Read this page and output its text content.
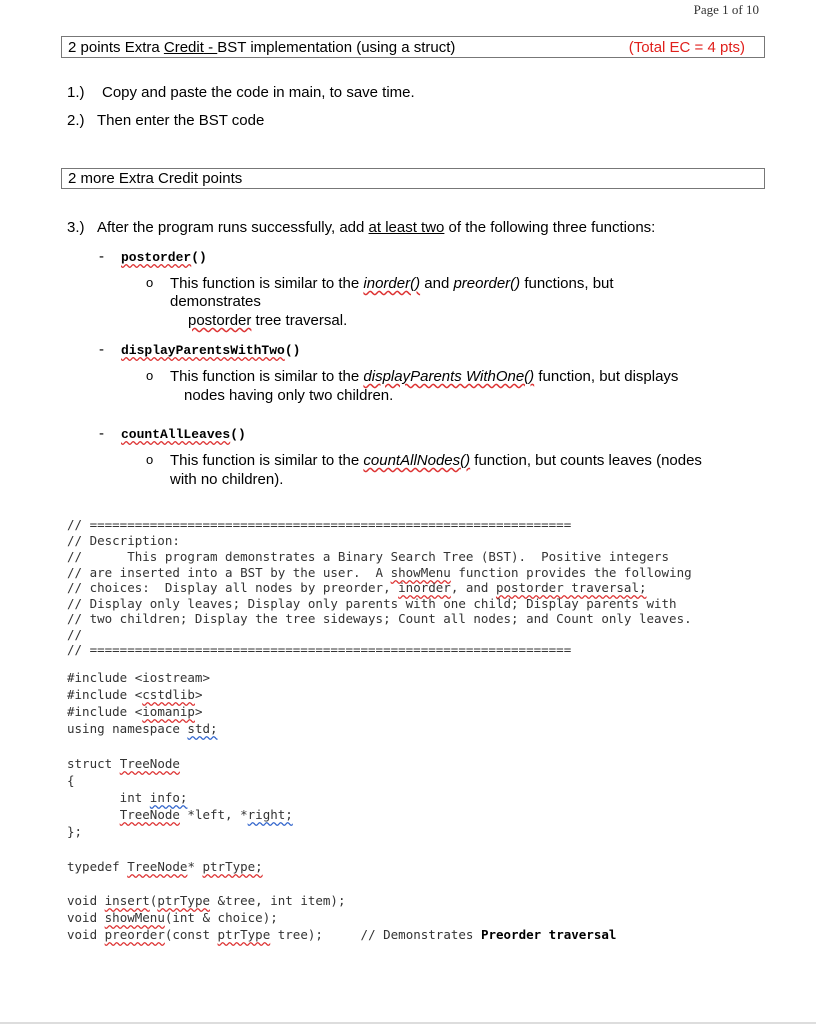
Page 1 of 10
2 points Extra Credit - BST implementation (using a struct)	(Total EC = 4 pts)
1.) Copy and paste the code in main, to save time.
2.) Then enter the BST code
2 more Extra Credit points
3.) After the program runs successfully, add at least two of the following three functions:
- postorder()
o This function is similar to the inorder() and preorder() functions, but
demonstrates
postorder tree traversal.
- displayParentsWithTwo()
o This function is similar to the displayParents WithOne() function, but displays
nodes having only two children.
- countAllLeaves()
o This function is similar to the countAllNodes() function, but counts leaves (nodes
with no children).
// ================================================================
// Description:
//      This program demonstrates a Binary Search Tree (BST).  Positive integers
// are inserted into a BST by the user.  A showMenu function provides the following
// choices:  Display all nodes by preorder, inorder, and postorder traversal;
// Display only leaves; Display only parents with one child; Display parents with
// two children; Display the tree sideways; Count all nodes; and Count only leaves.
//
// ================================================================
#include <iostream>
#include <cstdlib>
#include <iomanip>
using namespace std;
struct TreeNode
{
int info;
TreeNode *left, *right;
};
typedef TreeNode* ptrType;
void insert(ptrType &tree, int item);
void showMenu(int & choice);
void preorder(const ptrType tree);     // Demonstrates Preorder traversal
